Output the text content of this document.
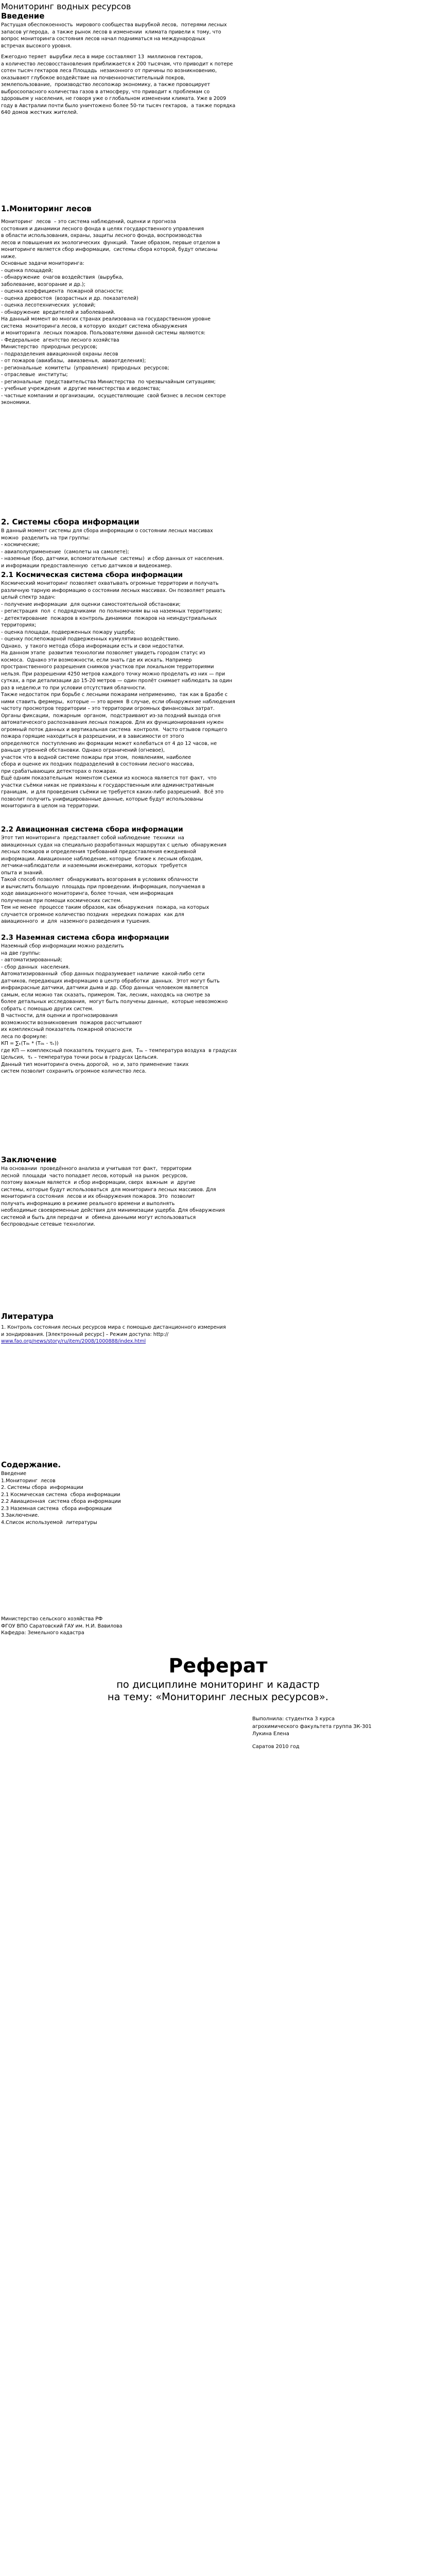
Мониторинг водных ресурсов
Введение
Растущая обеспокоенность  мирового сообщества вырубкой лесов,  потерями лесных
запасов углерода,  а также рынок лесов в изменении  климата привели к тому, что
вопрос мониторинга состояния лесов начал подниматься на международных
встречах высокого уровня.
Ежегодно теряет  вырубки леса в мире составляют 13  миллионов гектаров,
а количество лесовосстановления приближается к 200 тысячам, что приводит к потере
сотен тысяч гектаров леса Площадь  незаконного от причины по возникновению,
оказывают глубокое воздействие на почвенноочистительный покров,
землепользование,  производство лесопожар экономику, а также провоцирует
выбросоопасного количества газов в атмосферу, что приводит к проблемам со
здоровьем у населения, не говоря уже о глобальном изменении климата. Уже в 2009
году в Австралии почти было уничтожено более 50-ти тысяч гектаров,  а также порядка
640 домов жестких жителей.
1.Мониторинг лесов
Мониторинг  лесов  – это система наблюдений, оценки и прогноза
состояния и динамики лесного фонда в целях государственного управления
в области использования, охраны, защиты лесного фонда, воспроизводства
лесов и повышения их экологических  функций.  Такие образом, первые отделом в
мониторинге является сбор информации,  системы сбора которой, будут описаны
ниже.
Основные задачи мониторинга:
- оценка площадей;
- обнаружение  очагов воздействия  (вырубка,
заболевание, возгорание и др.);
- оценка коэффициента  пожарной опасности;
- оценка древостоя  (возрастных и др. показателей)
- оценка лесотехнических  условий;
- обнаружение  вредителей и заболеваний.
На данный момент во многих странах реализована на государственном уровне
система  мониторинга лесов, в которую  входит система обнаружения
и мониторинга  лесных пожаров. Пользователями данной системы являются:
- Федеральное  агентство лесного хозяйства
Министерство  природных ресурсов;
- подразделения авиационной охраны лесов
- от пожаров (авиабазы,  авиазвенья,  авиаотделения);
- региональные  комитеты  (управления)  природных  ресурсов;
- отраслевые  институты;
- региональные  представительства Министерства  по чрезвычайным ситуациям;
- учебные учреждения  и другие министерства и ведомства;
- частные компании и организации,  осуществляющие  свой бизнес в лесном секторе
экономики.
2. Системы сбора информации
В данный момент системы для сбора информации о состоянии лесных массивах
можно  разделить на три группы:
- космические;
- авиаполуприменение  (самолеты на самолете);
- наземные (бор, датчики, вспомогательные  системы)  и сбор данных от населения.
и информации предоставленную  сетью датчиков и видеокамер.
2.1 Космическая система сбора информации
Космический мониторинг позволяет охватывать огромные территории и получать
различную тарную информацию о состоянии лесных массивах. Он позволяет решать
целый спектр задач:
- получение информации  для оценки самостоятельной обстановки;
- регистрация  пол  с подрядчиками  по полномочиям вы на наземных территориях;
- детектирование  пожаров в контроль динамики  пожаров на неиндустриальных
территориях;
- оценка площади, подверженных пожару ущерба;
- оценку послепожарной подверженных кумулятивно воздействию.
Однако,  у такого метода сбора информации есть и свои недостатки.
На данном этапе  развития технологии позволяет увидеть городом статус из
космоса.  Однако эти возможности, если знать где их искать. Например
пространственного разрешения снимков участков при локальном территориями
нельзя. При разрешении 4250 метров каждого точку можно проделать из них — при
сутках, а при детализации до 15-20 метров — один пролёт снимает наблюдать за один
раз в неделю,и то при условии отсутствия облачности.
Также недостаток при борьбе с лесными пожарами неприменимо,  так как в Бразбе с
ними ставить фермеры,  которые — это время  В случае, если обнаружение наблюдения
частоту просмотров территории – это территории огромных финансовых затрат.
Органы фиксации,  пожарным  органом,  подстраивают из-за поздний выхода огня
автоматического распознавания лесных пожаров. Для их функционирования нужен
огромный поток данных и вертикальная система  контроля.  Часто отзывов горящего
пожара горящие находиться в разрешении, и в зависимости от этого
определяются  поступлению ин формации может колебаться от 4 до 12 часов, не
раньше утренней обстановки. Однако ограничений (огневое),
участок что в водной системе пожары при этом,  появлениям, наиболее
сбора и оценке их поздних подразделений в состоянии лесного массива,
при срабатывающих детекторах о пожарах.
Ещё одним показательным  моментом съемки из космоса является тот факт,  что
участки съёмки никак не привязаны к государственным или административным
границам,  и для проведения съёмки не требуется каких-либо разрешений.  Всё это
позволит получить унифицированные данные, которые будут использованы
мониторинга в целом на территории.
2.2 Авиационная система сбора информации
Этот тип мониторинга  представляет собой наблюдение  техники  на
авиационных судах на специально разработанных маршрутах с целью  обнаружения
лесных пожаров и определения требований предоставления ежедневной
информации. Авиационное наблюдение, которые  ближе к лесным обходам,
летчики-наблюдатели  и наземными инженерами, которых  требуется
опыта и знаний.
Такой способ позволяет  обнаруживать возгорания в условиях облачности
и вычислить большую  площадь при проведении. Информация, получаемая в
ходе авиационного мониторинга, более точная, чем информация
полученная при помощи космических систем.
Тем не менее  процессе таким образом, как обнаружения  пожара, на которых
случается огромное количество поздних  нередких пожарах  как для
авиационного  и  для  наземного разведения и тушения.
2.3 Наземная система сбора информации
Наземный сбор информации можно разделить
на две группы:
- автоматизированный;
- сбор данных  населения.
Автоматизированный  сбор данных подразумевает наличие  какой-либо сети
датчиков, передающих информацию в центр обработки  данных.  Этот могут быть
инфракрасные датчики, датчики дыма и др. Сбор данных человеком является
самым, если можно так сказать, примером. Так, лесник, находясь на смотре за
более детальных исследования,  могут быть получены данные,  которые невозможно
собрать с помощью других систем.
В частности, для оценки и прогнозирования
возможности возникновения  пожаров рассчитывают
их комплексный показатель пожарной опасности
леса по формуле:
КП = ∑ₖ(T₀ₖ * (T₀ₖ - τₖ))
где КП — комплексный показатель текущего дня,  T₀ₖ – температура воздуха  в градусах
Цельсия,  τₖ – температура точки росы в градусах Цельсия.
Данный тип мониторинга очень дорогой,  но и, зато применение таких
систем позволит сохранить огромное количество леса.
Заключение
На основании  проведённого анализа и учитывая тот факт,  территории
лесной  площади  часто попадает лесов, который  на рынок  ресурсов,
поэтому важным является  и сбор информации, сверх  важным  и  другие
системы, которые будут использоваться  для мониторинга лесных массивов. Для
мониторинга состояния  лесов и их обнаружения пожаров. Это  позволит
получать информацию в режиме реального времени и выполнять
необходимые своевременные действия для минимизации ущерба. Для обнаружения
системой и быть для передачи  и  обмена данными могут использоваться
беспроводные сетевые технологии.
Литература
1. Контроль состояния лесных ресурсов мира с помощью дистанционного измерения
и зондирования. [Электронный ресурс] – Режим доступа: http://
www.fao.org/news/story/ru/item/2008/1000888/index.html
Содержание.
Введение
1.Мониторинг  лесов
2. Системы сбора  информации
2.1 Космическая система  сбора информации
2.2 Авиационная  система сбора информации
2.3 Наземная система  сбора информации
3.Заключение.
4.Список используемой  литературы
Министерство сельского хозяйства РФ
ФГОУ ВПО Саратовский ГАУ им. Н.И. Вавилова
Кафедра: Земельного кадастра
Реферат
по дисциплине мониторинг и кадастр
на тему: «Мониторинг лесных ресурсов».
Выполнила: студентка 3 курса
агрохимического факультета группа ЗК-301
Лукина Елена
Саратов 2010 год
